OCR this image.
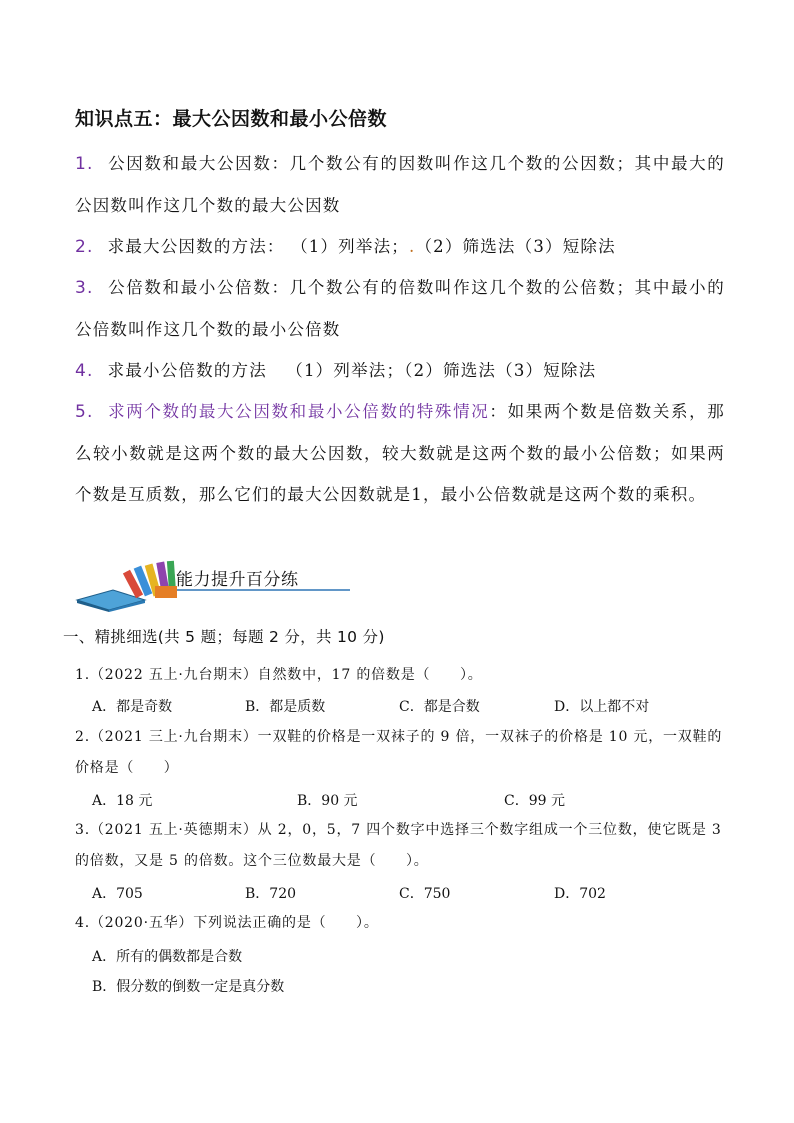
知识点五：最大公因数和最小公倍数
1. 公因数和最大公因数：几个数公有的因数叫作这几个数的公因数；其中最大的公因数叫作这几个数的最大公因数
2. 求最大公因数的方法： （1）列举法；.（2）筛选法（3）短除法
3. 公倍数和最小公倍数：几个数公有的倍数叫作这几个数的公倍数；其中最小的公倍数叫作这几个数的最小公倍数
4. 求最小公倍数的方法 （1）列举法；（2）筛选法（3）短除法
5. 求两个数的最大公因数和最小公倍数的特殊情况：如果两个数是倍数关系，那么较小数就是这两个数的最大公因数，较大数就是这两个数的最小公倍数；如果两个数是互质数，那么它们的最大公因数就是1，最小公倍数就是这两个数的乘积。
能力提升百分练
一、精挑细选(共 5 题；每题 2 分，共 10 分)
1.（2022 五上·九台期末）自然数中，17 的倍数是（　　）。
A．都是奇数	B．都是质数	C．都是合数	D．以上都不对
2.（2021 三上·九台期末）一双鞋的价格是一双袜子的 9 倍，一双袜子的价格是 10 元，一双鞋的价格是（　　）
A．18 元	B．90 元	C．99 元
3.（2021 五上·英德期末）从 2，0，5，7 四个数字中选择三个数字组成一个三位数，使它既是 3 的倍数，又是 5 的倍数。这个三位数最大是（　　）。
A．705	B．720	C．750	D．702
4.（2020·五华）下列说法正确的是（　　）。
A．所有的偶数都是合数
B．假分数的倒数一定是真分数
